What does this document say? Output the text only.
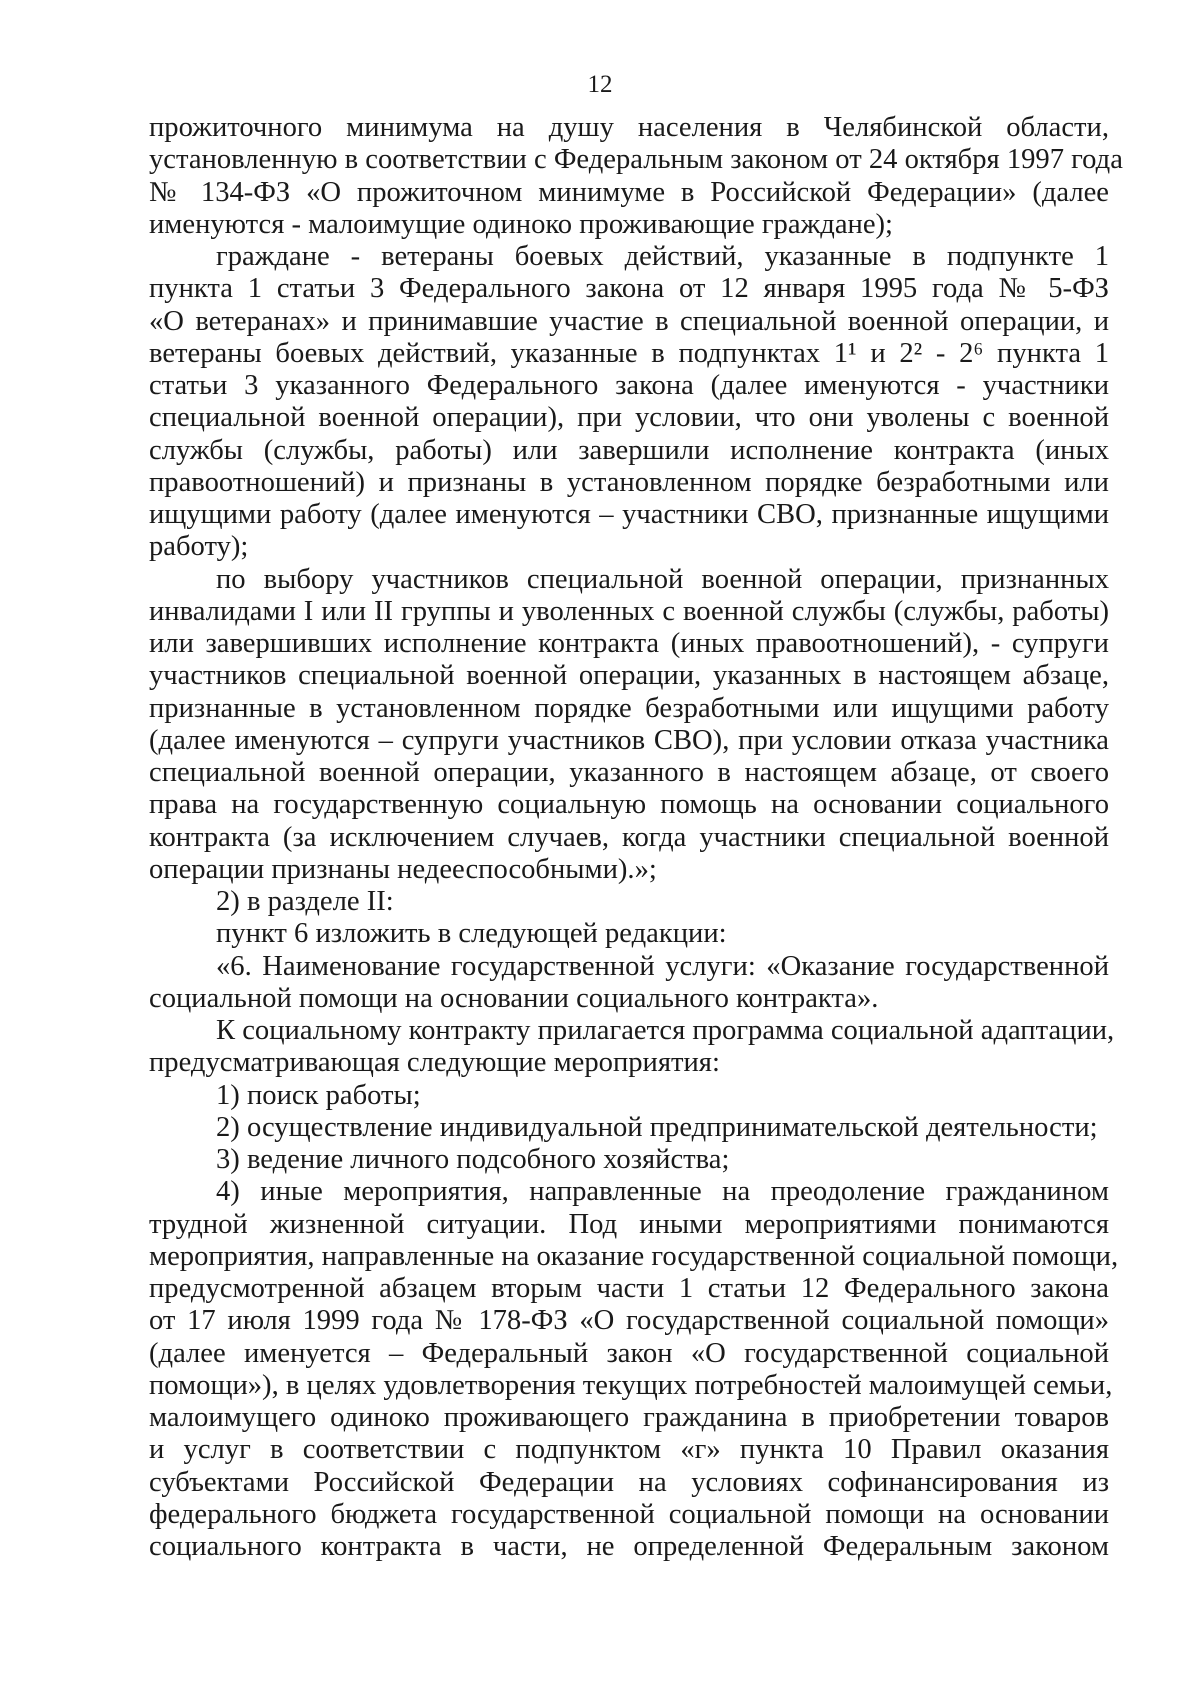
12
прожиточного минимума на душу населения в Челябинской области,
установленную в соответствии с Федеральным законом от 24 октября 1997 года
№ 134-ФЗ «О прожиточном минимуме в Российской Федерации» (далее
именуются - малоимущие одиноко проживающие граждане);
граждане - ветераны боевых действий, указанные в подпункте 1
пункта 1 статьи 3 Федерального закона от 12 января 1995 года № 5-ФЗ
«О ветеранах» и принимавшие участие в специальной военной операции, и
ветераны боевых действий, указанные в подпунктах 1¹ и 2² - 2⁶ пункта 1
статьи 3 указанного Федерального закона (далее именуются - участники
специальной военной операции), при условии, что они уволены с военной
службы (службы, работы) или завершили исполнение контракта (иных
правоотношений) и признаны в установленном порядке безработными или
ищущими работу (далее именуются – участники СВО, признанные ищущими
работу);
по выбору участников специальной военной операции, признанных
инвалидами I или II группы и уволенных с военной службы (службы, работы)
или завершивших исполнение контракта (иных правоотношений), - супруги
участников специальной военной операции, указанных в настоящем абзаце,
признанные в установленном порядке безработными или ищущими работу
(далее именуются – супруги участников СВО), при условии отказа участника
специальной военной операции, указанного в настоящем абзаце, от своего
права на государственную социальную помощь на основании социального
контракта (за исключением случаев, когда участники специальной военной
операции признаны недееспособными).»;
2) в разделе II:
пункт 6 изложить в следующей редакции:
«6. Наименование государственной услуги: «Оказание государственной
социальной помощи на основании социального контракта».
К социальному контракту прилагается программа социальной адаптации,
предусматривающая следующие мероприятия:
1) поиск работы;
2) осуществление индивидуальной предпринимательской деятельности;
3) ведение личного подсобного хозяйства;
4) иные мероприятия, направленные на преодоление гражданином
трудной жизненной ситуации. Под иными мероприятиями понимаются
мероприятия, направленные на оказание государственной социальной помощи,
предусмотренной абзацем вторым части 1 статьи 12 Федерального закона
от 17 июля 1999 года № 178-ФЗ «О государственной социальной помощи»
(далее именуется – Федеральный закон «О государственной социальной
помощи»), в целях удовлетворения текущих потребностей малоимущей семьи,
малоимущего одиноко проживающего гражданина в приобретении товаров
и услуг в соответствии с подпунктом «г» пункта 10 Правил оказания
субъектами Российской Федерации на условиях софинансирования из
федерального бюджета государственной социальной помощи на основании
социального контракта в части, не определенной Федеральным законом
